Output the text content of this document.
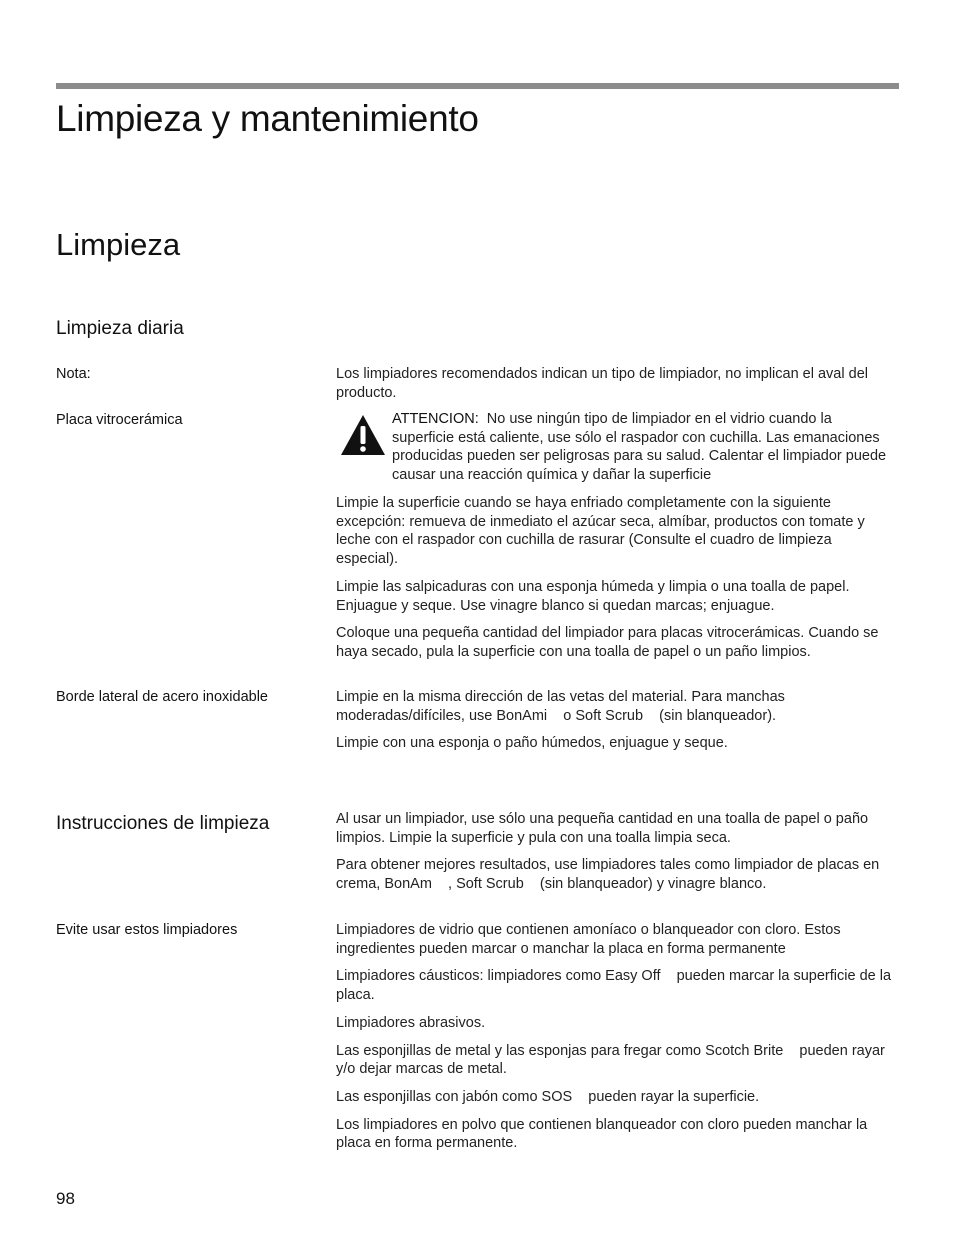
Limpieza y mantenimiento
Limpieza
Limpieza diaria
Nota:	Los limpiadores recomendados indican un tipo de limpiador, no implican el aval del producto.

Placa vitrocerámica	ATTENCION: No use ningún tipo de limpiador en el vidrio cuando la superficie está caliente, use sólo el raspador con cuchilla. Las emanaciones producidas pueden ser peligrosas para su salud. Calentar el limpiador puede causar una reacción química y dañar la superficie

Limpie la superficie cuando se haya enfriado completamente con la siguiente excepción: remueva de inmediato el azúcar seca, almíbar, productos con tomate y leche con el raspador con cuchilla de rasurar (Consulte el cuadro de limpieza especial).

Limpie las salpicaduras con una esponja húmeda y limpia o una toalla de papel. Enjuague y seque. Use vinagre blanco si quedan marcas; enjuague.

Coloque una pequeña cantidad del limpiador para placas vitrocerámicas. Cuando se haya secado, pula la superficie con una toalla de papel o un paño limpios.

Borde lateral de acero inoxidable	Limpie en la misma dirección de las vetas del material. Para manchas moderadas/difíciles, use BonAmi    o Soft Scrub    (sin blanqueador).

Limpie con una esponja o paño húmedos, enjuague y seque.

Instrucciones de limpieza	Al usar un limpiador, use sólo una pequeña cantidad en una toalla de papel o paño limpios. Limpie la superficie y pula con una toalla limpia seca.

Para obtener mejores resultados, use limpiadores tales como limpiador de placas en crema, BonAm    , Soft Scrub    (sin blanqueador) y vinagre blanco.

Evite usar estos limpiadores	Limpiadores de vidrio que contienen amoníaco o blanqueador con cloro. Estos ingredientes pueden marcar o manchar la placa en forma permanente

Limpiadores cáusticos: limpiadores como Easy Off    pueden marcar la superficie de la placa.

Limpiadores abrasivos.

Las esponjillas de metal y las esponjas para fregar como Scotch Brite    pueden rayar y/o dejar marcas de metal.

Las esponjillas con jabón como SOS    pueden rayar la superficie.

Los limpiadores en polvo que contienen blanqueador con cloro pueden manchar la placa en forma permanente.

98
